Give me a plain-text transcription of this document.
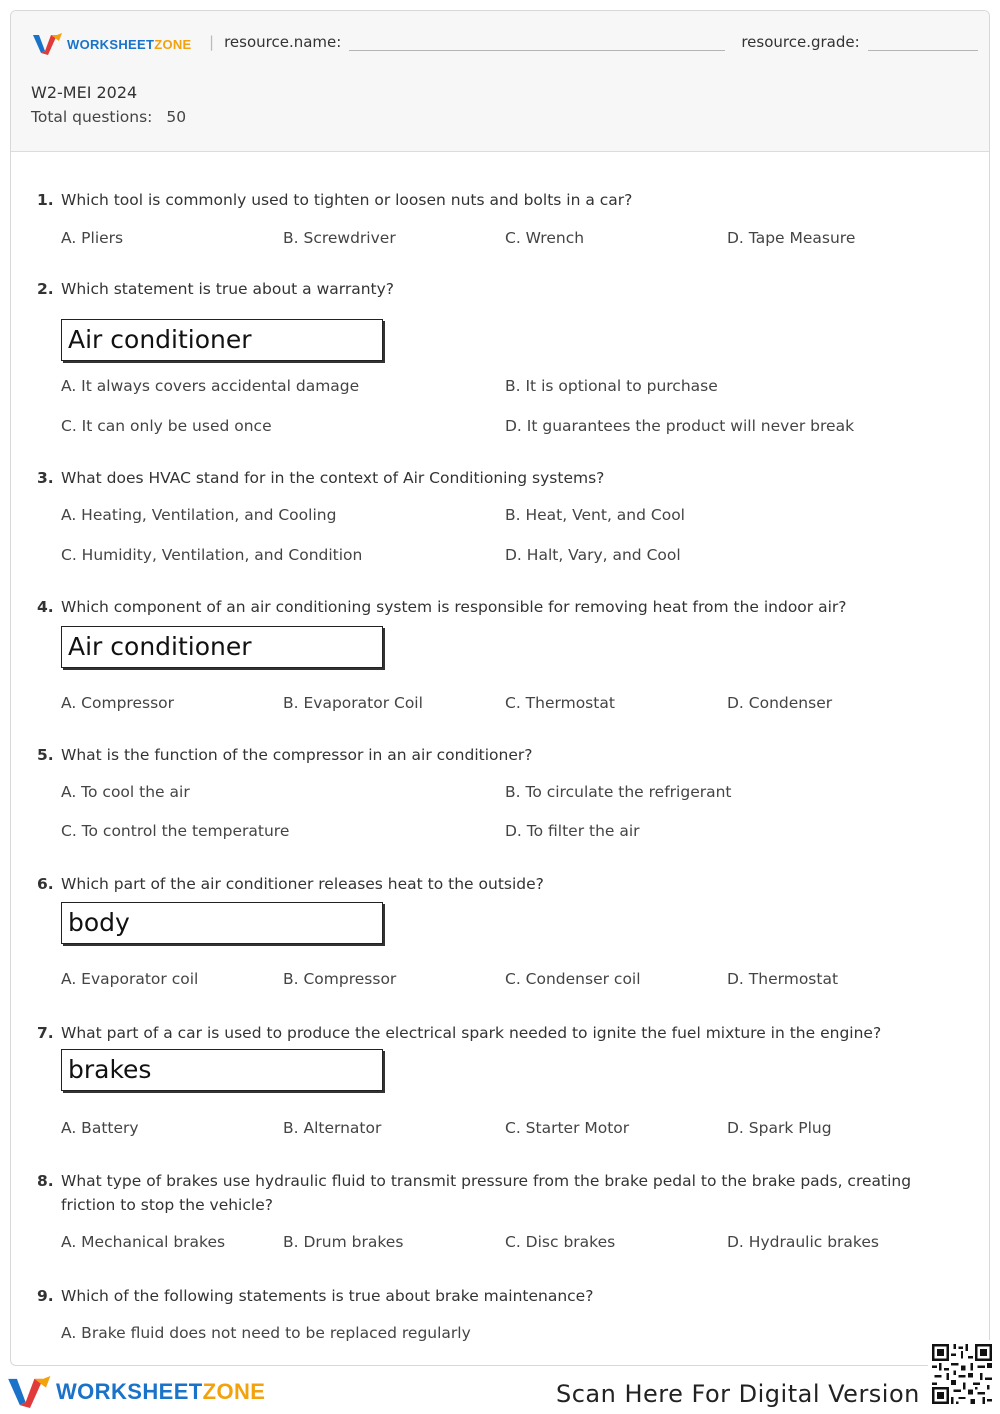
WORKSHEETZONE | resource.name:	resource.grade:
W2-MEI 2024
Total questions: 50
1. Which tool is commonly used to tighten or loosen nuts and bolts in a car?
A. Pliers	B. Screwdriver	C. Wrench	D. Tape Measure
2. Which statement is true about a warranty?
Air conditioner
A. It always covers accidental damage	B. It is optional to purchase
C. It can only be used once	D. It guarantees the product will never break
3. What does HVAC stand for in the context of Air Conditioning systems?
A. Heating, Ventilation, and Cooling	B. Heat, Vent, and Cool
C. Humidity, Ventilation, and Condition	D. Halt, Vary, and Cool
4. Which component of an air conditioning system is responsible for removing heat from the indoor air?
Air conditioner
A. Compressor	B. Evaporator Coil	C. Thermostat	D. Condenser
5. What is the function of the compressor in an air conditioner?
A. To cool the air	B. To circulate the refrigerant
C. To control the temperature	D. To filter the air
6. Which part of the air conditioner releases heat to the outside?
body
A. Evaporator coil	B. Compressor	C. Condenser coil	D. Thermostat
7. What part of a car is used to produce the electrical spark needed to ignite the fuel mixture in the engine?
brakes
A. Battery	B. Alternator	C. Starter Motor	D. Spark Plug
8. What type of brakes use hydraulic fluid to transmit pressure from the brake pedal to the brake pads, creating friction to stop the vehicle?
A. Mechanical brakes	B. Drum brakes	C. Disc brakes	D. Hydraulic brakes
9. Which of the following statements is true about brake maintenance?
A. Brake fluid does not need to be replaced regularly
WORKSHEETZONE	Scan Here For Digital Version
